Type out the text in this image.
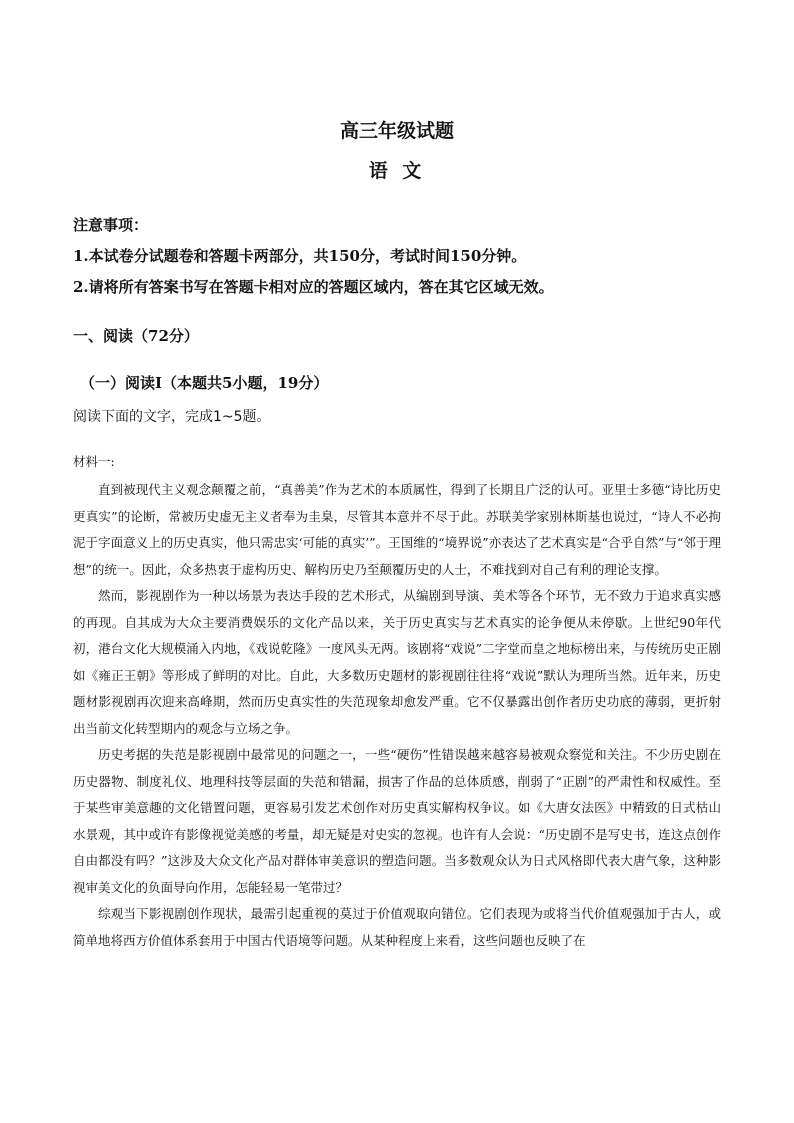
高三年级试题
语 文
注意事项：
1.本试卷分试题卷和答题卡两部分，共150分，考试时间150分钟。
2.请将所有答案书写在答题卡相对应的答题区域内，答在其它区域无效。
一、阅读（72分）
（一）阅读Ⅰ（本题共5小题，19分）
阅读下面的文字，完成1~5题。
材料一:

直到被现代主义观念颠覆之前，“真善美”作为艺术的本质属性，得到了长期且广泛的认可。亚里士多德“诗比历史更真实”的论断，常被历史虚无主义者奉为圭臬，尽管其本意并不尽于此。苏联美学家别林斯基也说过，“诗人不必拘泥于字面意义上的历史真实，他只需忠实‘可能的真实’”。王国维的“境界说”亦表达了艺术真实是“合乎自然”与“邻于理想”的统一。因此，众多热衷于虚构历史、解构历史乃至颠覆历史的人士，不难找到对自己有利的理论支撑。

然而，影视剧作为一种以场景为表达手段的艺术形式，从编剧到导演、美术等各个环节，无不致力于追求真实感的再现。自其成为大众主要消费娱乐的文化产品以来，关于历史真实与艺术真实的论争便从未停歇。上世纪90年代初，港台文化大规模涌入内地，《戏说乾隆》一度风头无两。该剧将“戏说”二字堂而皇之地标榜出来，与传统历史正剧如《雍正王朝》等形成了鲜明的对比。自此，大多数历史题材的影视剧往往将“戏说”默认为理所当然。近年来，历史题材影视剧再次迎来高峰期，然而历史真实性的失范现象却愈发严重。它不仅暴露出创作者历史功底的薄弱，更折射出当前文化转型期内的观念与立场之争。

历史考据的失范是影视剧中最常见的问题之一，一些“硬伤”性错误越来越容易被观众察觉和关注。不少历史剧在历史器物、制度礼仪、地理科技等层面的失范和错漏，损害了作品的总体质感，削弱了“正剧”的严肃性和权威性。至于某些审美意趣的文化错置问题，更容易引发艺术创作对历史真实解构权争议。如《大唐女法医》中精致的日式枯山水景观，其中或许有影像视觉美感的考量，却无疑是对史实的忽视。也许有人会说：“历史剧不是写史书，连这点创作自由都没有吗？”这涉及大众文化产品对群体审美意识的塑造问题。当多数观众认为日式风格即代表大唐气象，这种影视审美文化的负面导向作用，怎能轻易一笔带过？

综观当下影视剧创作现状，最需引起重视的莫过于价值观取向错位。它们表现为或将当代价值观强加于古人，或简单地将西方价值体系套用于中国古代语境等问题。从某种程度上来看，这些问题也反映了在
